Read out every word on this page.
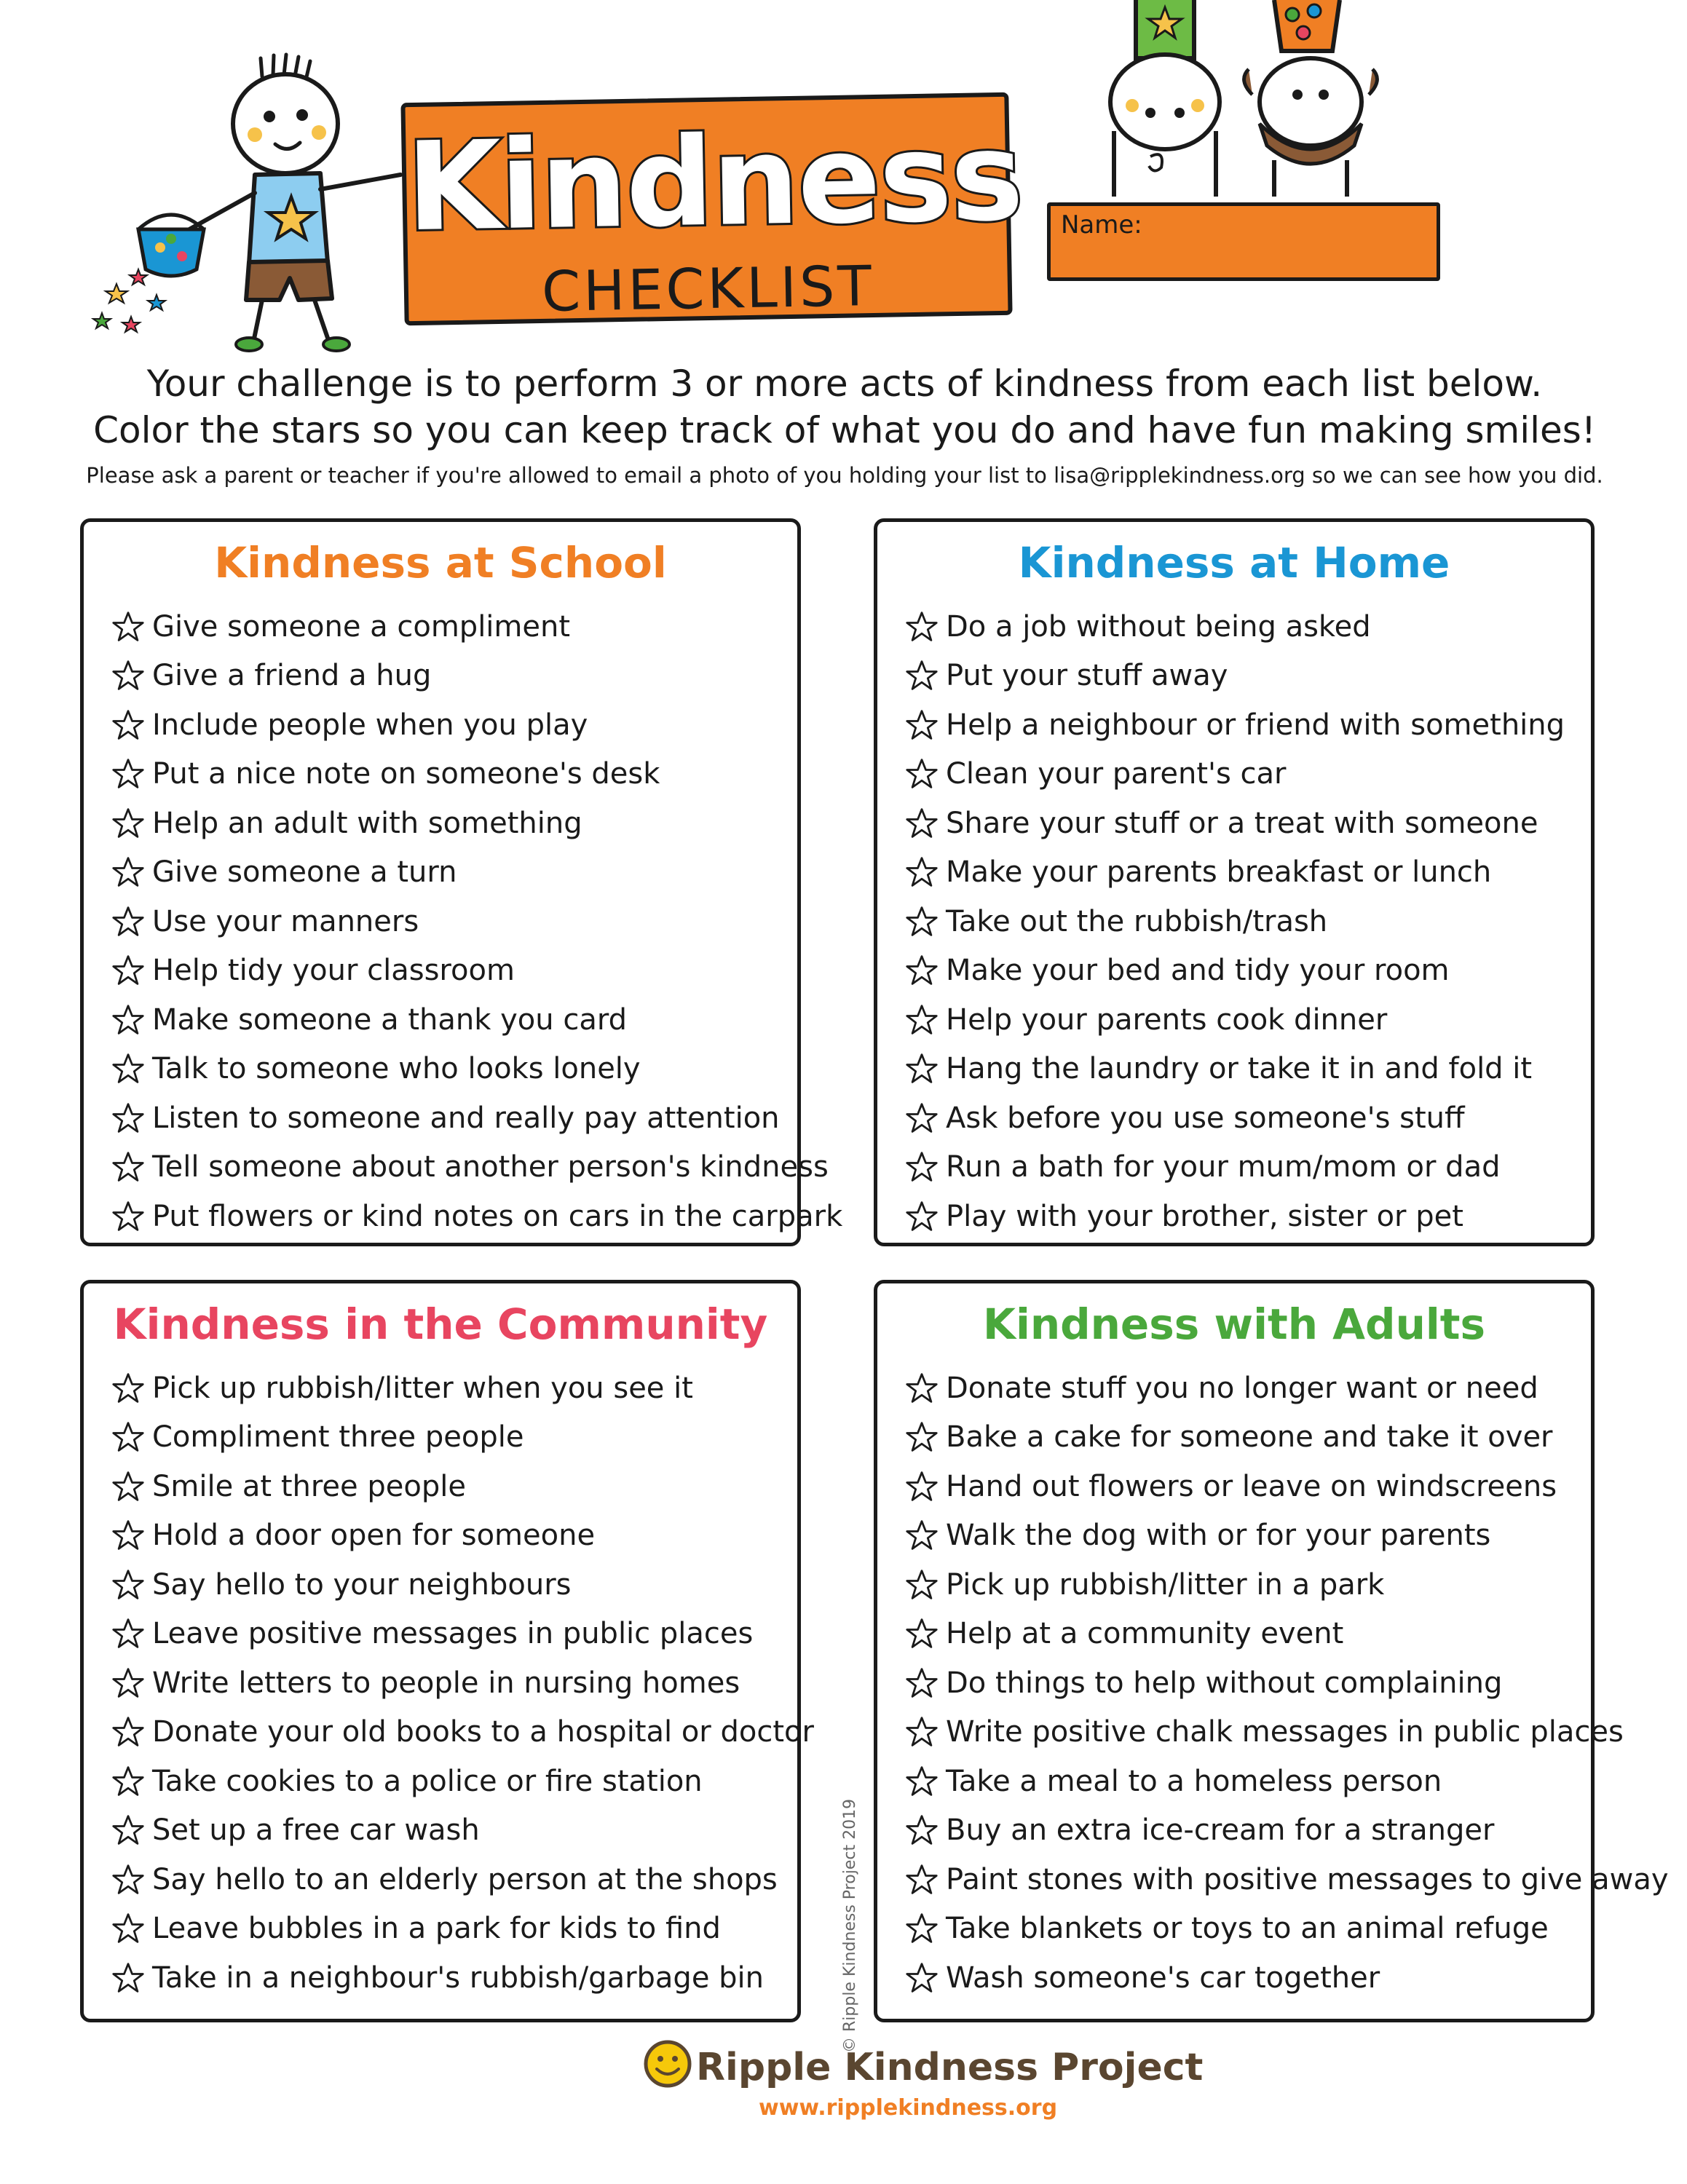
Kindness
CHECKLIST
Name:
Your challenge is to perform 3 or more acts of kindness from each list below.
Color the stars so you can keep track of what you do and have fun making smiles!
Please ask a parent or teacher if you're allowed to email a photo of you holding your list to lisa@ripplekindness.org so we can see how you did.
Kindness at School
Give someone a compliment
Give a friend a hug
Include people when you play
Put a nice note on someone's desk
Help an adult with something
Give someone a turn
Use your manners
Help tidy your classroom
Make someone a thank you card
Talk to someone who looks lonely
Listen to someone and really pay attention
Tell someone about another person's kindness
Put flowers or kind notes on cars in the carpark
Kindness at Home
Do a job without being asked
Put your stuff away
Help a neighbour or friend with something
Clean your parent's car
Share your stuff or a treat with someone
Make your parents breakfast or lunch
Take out the rubbish/trash
Make your bed and tidy your room
Help your parents cook dinner
Hang the laundry or take it in and fold it
Ask before you use someone's stuff
Run a bath for your mum/mom or dad
Play with your brother, sister or pet
Kindness in the Community
Pick up rubbish/litter when you see it
Compliment three people
Smile at three people
Hold a door open for someone
Say hello to your neighbours
Leave positive messages in public places
Write letters to people in nursing homes
Donate your old books to a hospital or doctor
Take cookies to a police or fire station
Set up a free car wash
Say hello to an elderly person at the shops
Leave bubbles in a park for kids to find
Take in a neighbour's rubbish/garbage bin
Kindness with Adults
Donate stuff you no longer want or need
Bake a cake for someone and take it over
Hand out flowers or leave on windscreens
Walk the dog with or for your parents
Pick up rubbish/litter in a park
Help at a community event
Do things to help without complaining
Write positive chalk messages in public places
Take a meal to a homeless person
Buy an extra ice-cream for a stranger
Paint stones with positive messages to give away
Take blankets or toys to an animal refuge
Wash someone's car together
© Ripple Kindness Project 2019
Ripple Kindness Project
www.ripplekindness.org
